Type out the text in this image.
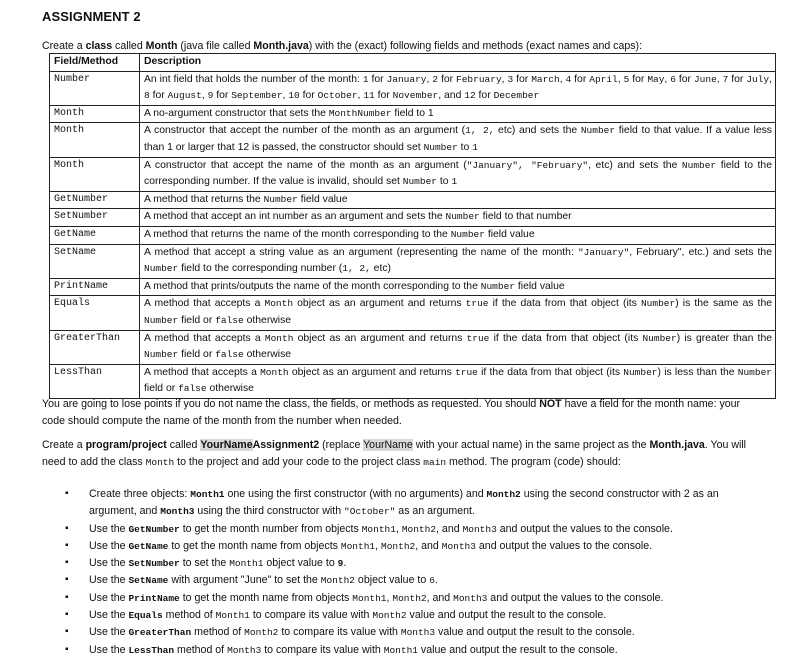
ASSIGNMENT 2

Create a class called Month (java file called Month.java) with the (exact) following fields and methods (exact names and caps):

Field/Method	Description
Number	An int field that holds the number of the month: 1 for January, 2 for February, 3 for March, 4 for April, 5 for May, 6 for June, 7 for July, 8 for August, 9 for September, 10 for October, 11 for November, and 12 for December
Month	A no-argument constructor that sets the MonthNumber field to 1
Month	A constructor that accept the number of the month as an argument (1, 2, etc) and sets the Number field to that value. If a value less than 1 or larger that 12 is passed, the constructor should set Number to 1
Month	A constructor that accept the name of the month as an argument ("January", "February", etc) and sets the Number field to the corresponding number. If the value is invalid, should set Number to 1
GetNumber	A method that returns the Number field value
SetNumber	A method that accept an int number as an argument and sets the Number field to that number
GetName	A method that returns the name of the month corresponding to the Number field value
SetName	A method that accept a string value as an argument (representing the name of the month: "January", February", etc.) and sets the Number field to the corresponding number (1, 2, etc)
PrintName	A method that prints/outputs the name of the month corresponding to the Number field value
Equals	A method that accepts a Month object as an argument and returns true if the data from that object (its Number) is the same as the Number field or false otherwise
GreaterThan	A method that accepts a Month object as an argument and returns true if the data from that object (its Number) is greater than the Number field or false otherwise
LessThan	A method that accepts a Month object as an argument and returns true if the data from that object (its Number) is less than the Number field or false otherwise

You are going to lose points if you do not name the class, the fields, or methods as requested. You should NOT have a field for the month name: your code should compute the name of the month from the number when needed.

Create a program/project called YourNameAssignment2 (replace YourName with your actual name) in the same project as the Month.java. You will need to add the class Month to the project and add your code to the project class main method. The program (code) should:

▪ Create three objects: Month1 one using the first constructor (with no arguments) and Month2 using the second constructor with 2 as an argument, and Month3 using the third constructor with "October" as an argument.
▪ Use the GetNumber to get the month number from objects Month1, Month2, and Month3 and output the values to the console.
▪ Use the GetName to get the month name from objects Month1, Month2, and Month3 and output the values to the console.
▪ Use the SetNumber to set the Month1 object value to 9.
▪ Use the SetName with argument "June" to set the Month2 object value to 6.
▪ Use the PrintName to get the month name from objects Month1, Month2, and Month3 and output the values to the console.
▪ Use the Equals method of Month1 to compare its value with Month2 value and output the result to the console.
▪ Use the GreaterThan method of Month2 to compare its value with Month3 value and output the result to the console.
▪ Use the LessThan method of Month3 to compare its value with Month1 value and output the result to the console.
